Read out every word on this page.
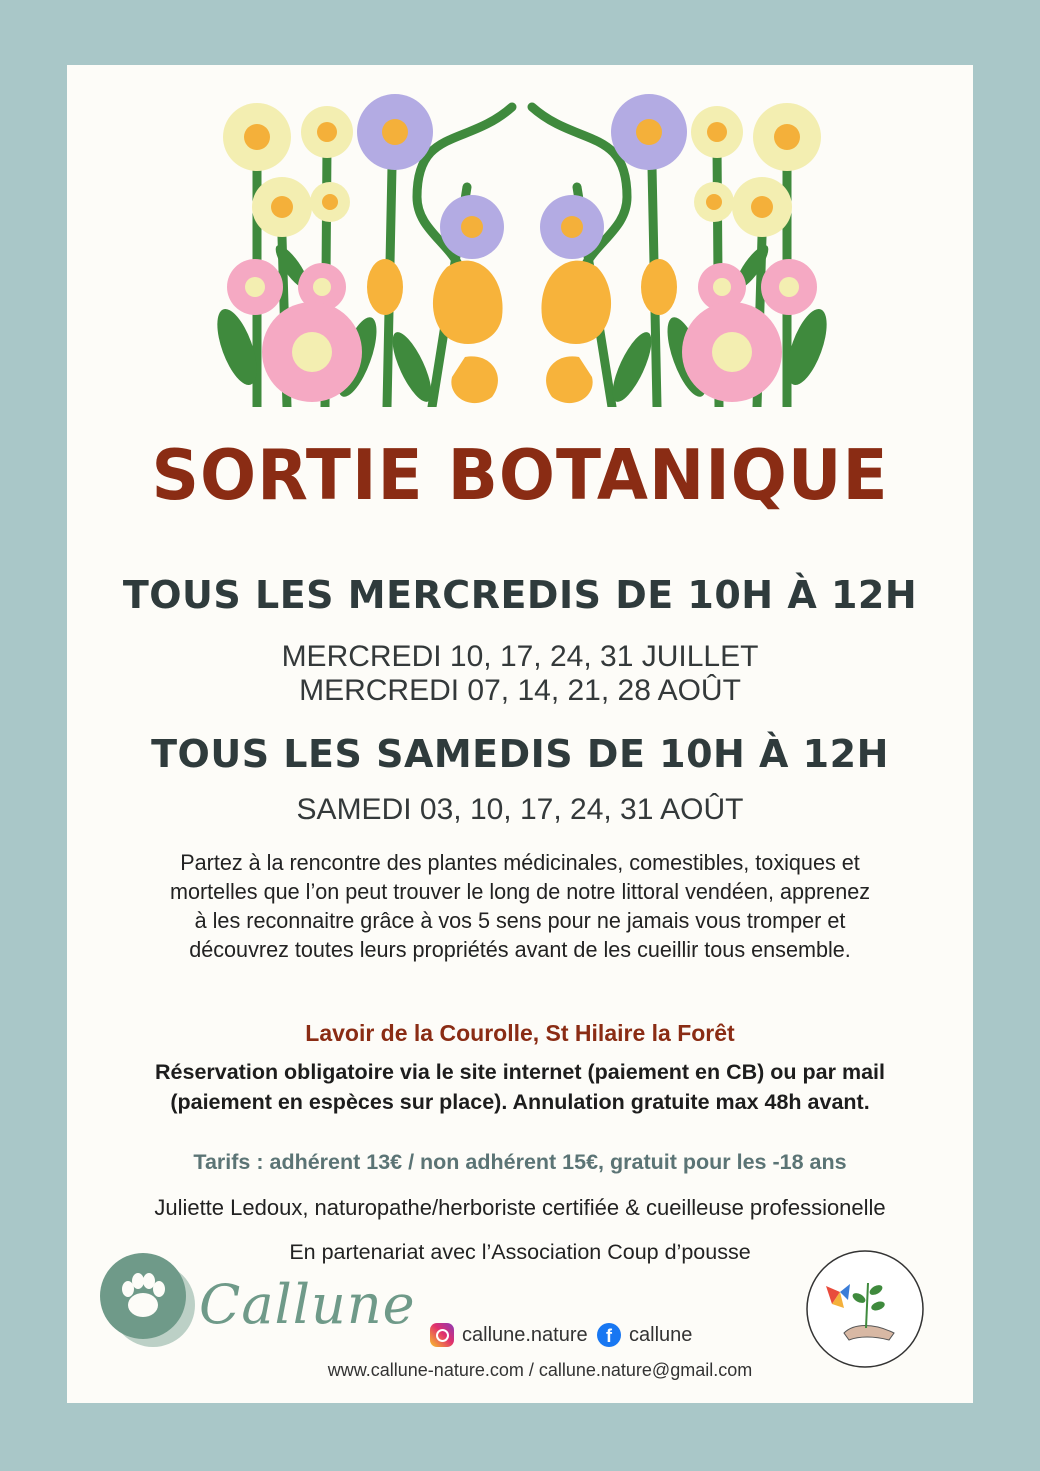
SORTIE BOTANIQUE
TOUS LES MERCREDIS DE 10H À 12H
MERCREDI 10, 17, 24, 31 JUILLET
MERCREDI 07, 14, 21, 28 AOÛT
TOUS LES SAMEDIS DE 10H À 12H
SAMEDI 03, 10, 17, 24, 31 AOÛT
Partez à la rencontre des plantes médicinales, comestibles, toxiques et
mortelles que l’on peut trouver le long de notre littoral vendéen, apprenez
à les reconnaitre grâce à vos 5 sens pour ne jamais vous tromper et
découvrez toutes leurs propriétés avant de les cueillir tous ensemble.
Lavoir de la Courolle, St Hilaire la Forêt
Réservation obligatoire via le site internet (paiement en CB) ou par mail
(paiement en espèces sur place). Annulation gratuite max 48h avant.
Tarifs : adhérent 13€ / non adhérent 15€, gratuit pour les -18 ans
Juliette Ledoux, naturopathe/herboriste certifiée & cueilleuse professionelle
En partenariat avec l’Association Coup d’pousse
Callune callune.nature	f callune
www.callune-nature.com / callune.nature@gmail.com
